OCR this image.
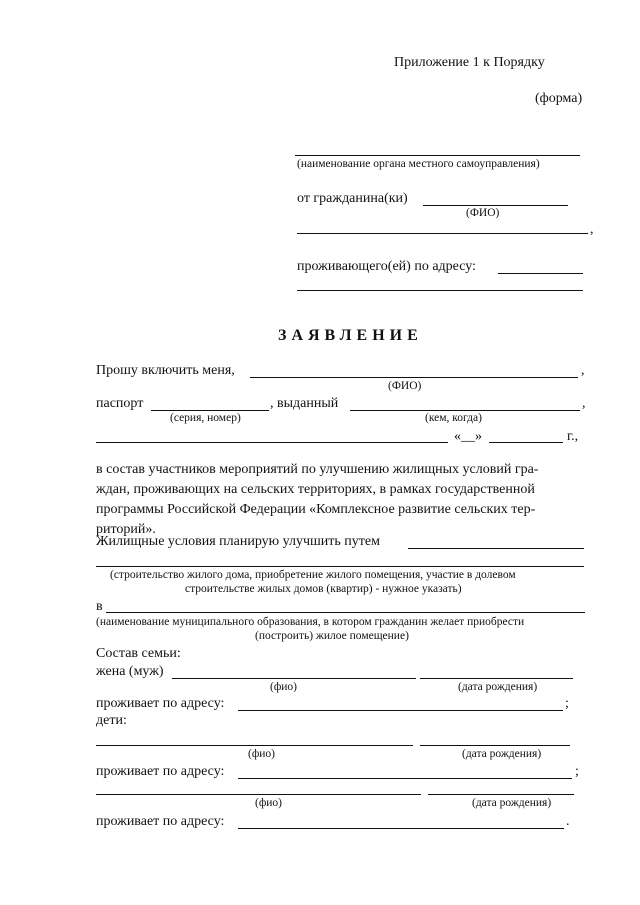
Приложение 1 к Порядку
(форма)
(наименование органа местного самоуправления)
от гражданина(ки)
(ФИО)
,
проживающего(ей) по адресу:
ЗАЯВЛЕНИЕ
Прошу включить меня,	,
(ФИО)
паспорт	, выданный	,
(серия, номер)	(кем, когда)
«__»	г.,
в состав участников мероприятий по улучшению жилищных условий гра-
ждан, проживающих на сельских территориях, в рамках государственной
программы Российской Федерации «Комплексное развитие сельских тер-
риторий».
Жилищные условия планирую улучшить путем
(строительство жилого дома, приобретение жилого помещения, участие в долевом
строительстве жилых домов (квартир) - нужное указать)
в
(наименование муниципального образования, в котором гражданин желает приобрести
(построить) жилое помещение)
Состав семьи:
жена (муж)
(фио)	(дата рождения)
проживает по адресу:	;
дети:
(фио)	(дата рождения)
проживает по адресу:	;
(фио)	(дата рождения)
проживает по адресу:	.
